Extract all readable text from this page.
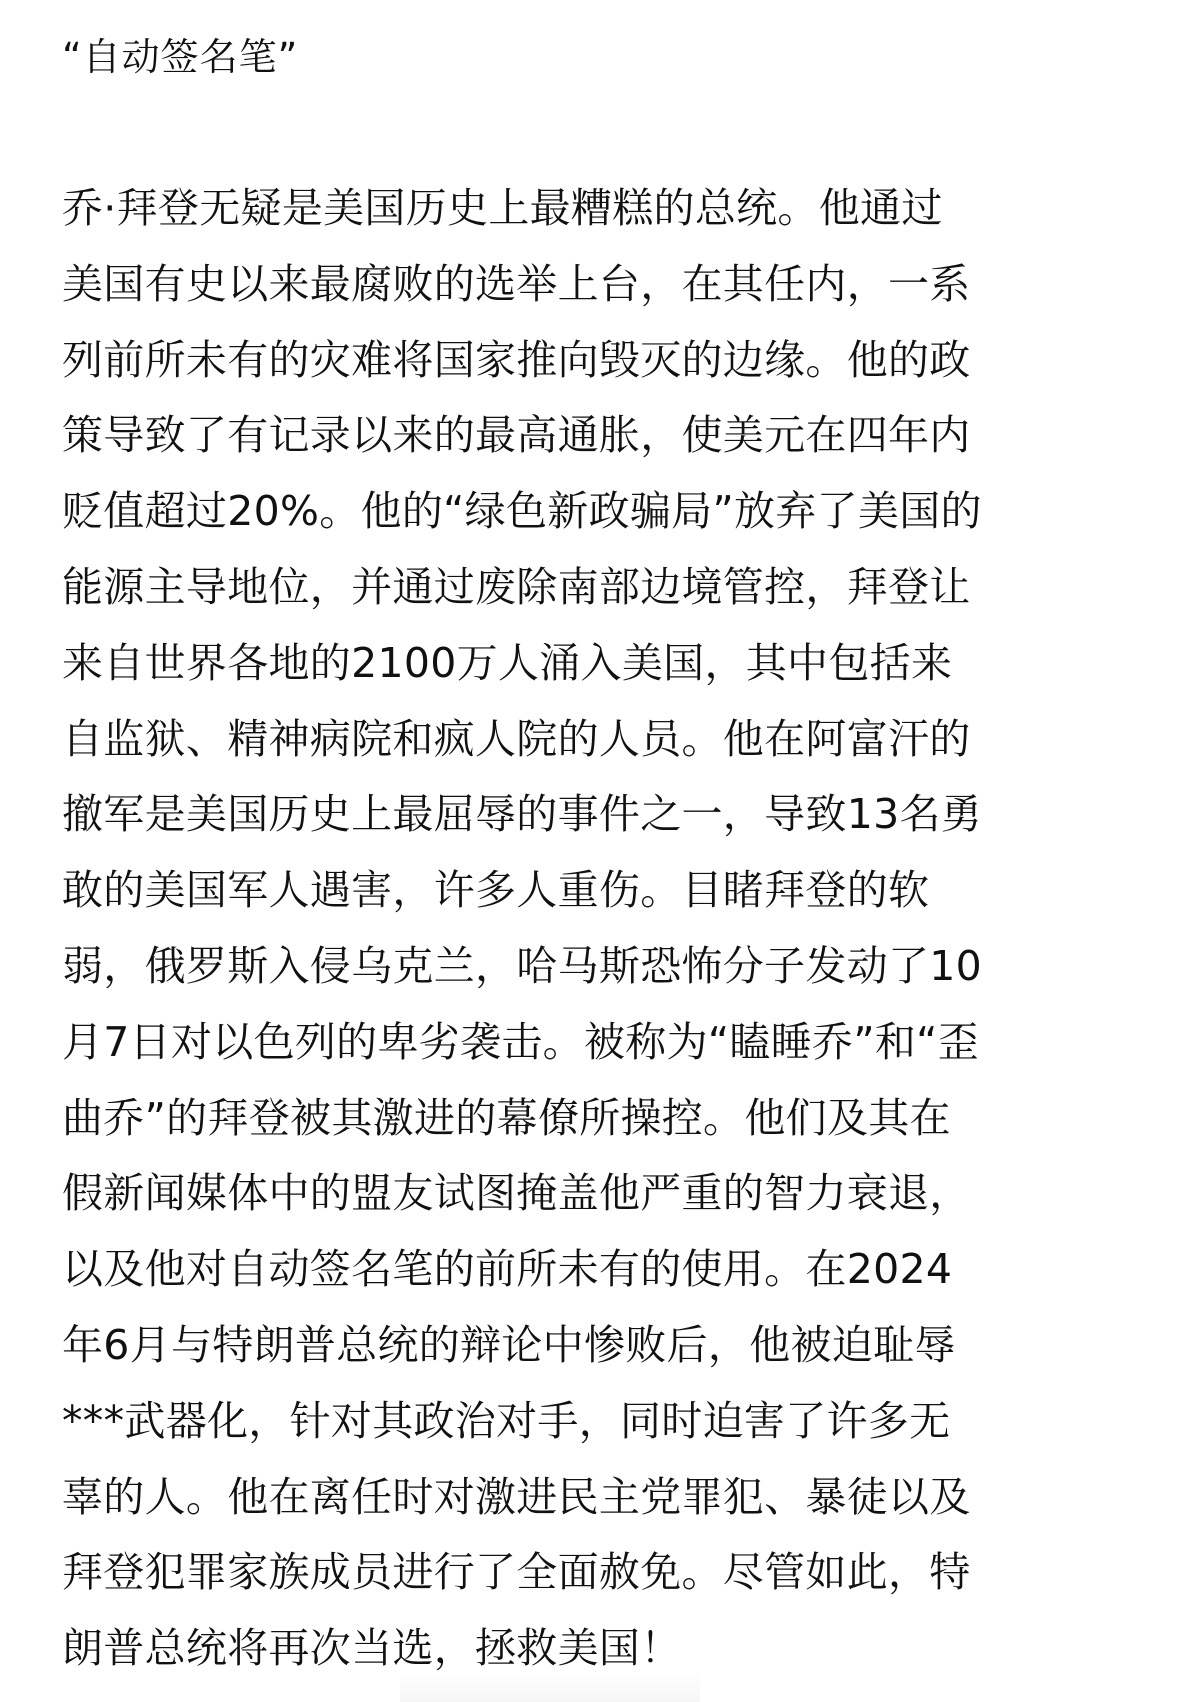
“自动签名笔”
乔·拜登无疑是美国历史上最糟糕的总统。他通过
美国有史以来最腐败的选举上台，在其任内，一系
列前所未有的灾难将国家推向毁灭的边缘。他的政
策导致了有记录以来的最高通胀，使美元在四年内
贬值超过20%。他的“绿色新政骗局”放弃了美国的
能源主导地位，并通过废除南部边境管控，拜登让
来自世界各地的2100万人涌入美国，其中包括来
自监狱、精神病院和疯人院的人员。他在阿富汗的
撤军是美国历史上最屈辱的事件之一，导致13名勇
敢的美国军人遇害，许多人重伤。目睹拜登的软
弱，俄罗斯入侵乌克兰，哈马斯恐怖分子发动了10
月7日对以色列的卑劣袭击。被称为“瞌睡乔”和“歪
曲乔”的拜登被其激进的幕僚所操控。他们及其在
假新闻媒体中的盟友试图掩盖他严重的智力衰退，
以及他对自动签名笔的前所未有的使用。在2024
年6月与特朗普总统的辩论中惨败后，他被迫耻辱
***武器化，针对其政治对手，同时迫害了许多无
辜的人。他在离任时对激进民主党罪犯、暴徒以及
拜登犯罪家族成员进行了全面赦免。尽管如此，特
朗普总统将再次当选，拯救美国！
